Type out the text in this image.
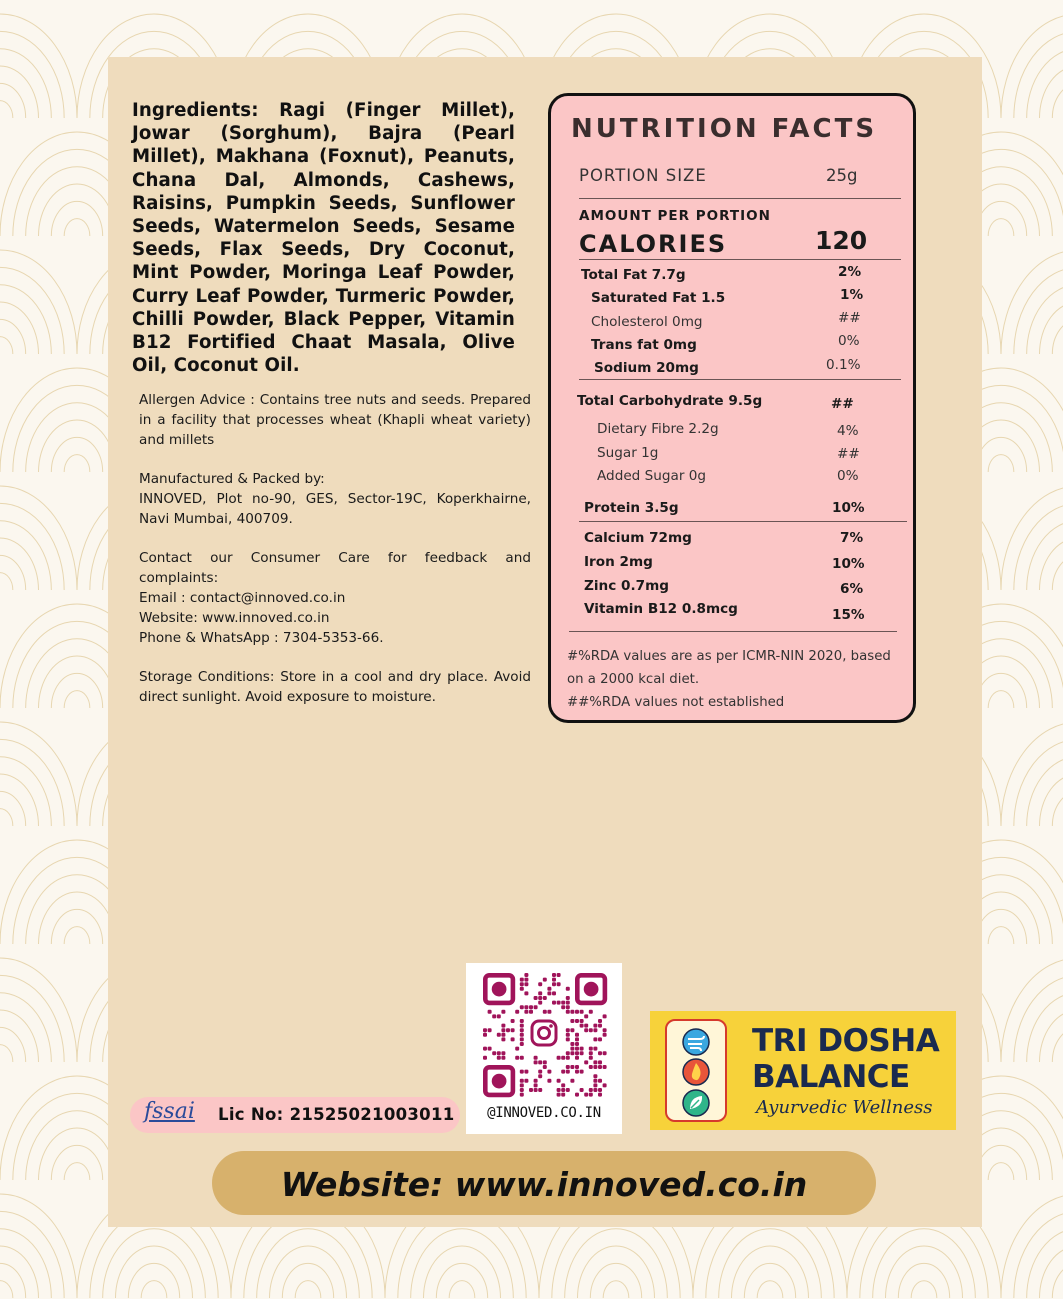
Ingredients: Ragi (Finger Millet), Jowar (Sorghum), Bajra (Pearl Millet), Makhana (Foxnut), Peanuts, Chana Dal, Almonds, Cashews, Raisins, Pumpkin Seeds, Sunflower Seeds, Watermelon Seeds, Sesame Seeds, Flax Seeds, Dry Coconut, Mint Powder, Moringa Leaf Powder, Curry Leaf Powder, Turmeric Powder, Chilli Powder, Black Pepper, Vitamin B12 Fortified Chaat Masala, Olive Oil, Coconut Oil.
Allergen Advice : Contains tree nuts and seeds. Prepared in a facility that processes wheat (Khapli wheat variety) and millets
Manufactured & Packed by:
INNOVED, Plot no-90, GES, Sector-19C, Koperkhairne, Navi Mumbai, 400709.
Contact our Consumer Care for feedback and complaints:
Email : contact@innoved.co.in
Website: www.innoved.co.in
Phone & WhatsApp : 7304-5353-66.
Storage Conditions: Store in a cool and dry place. Avoid direct sunlight. Avoid exposure to moisture.
NUTRITION FACTS
PORTION SIZE	25g
AMOUNT PER PORTION
CALORIES	120
Total Fat 7.7g	2%
Saturated Fat 1.5	1%
Cholesterol 0mg	##
Trans fat 0mg	0%
Sodium 20mg	0.1%
Total Carbohydrate 9.5g	##
Dietary Fibre 2.2g	4%
Sugar 1g	##
Added Sugar 0g	0%
Protein 3.5g	10%
Calcium 72mg	7%
Iron 2mg	10%
Zinc 0.7mg	6%
Vitamin B12 0.8mcg	15%
#%RDA values are as per ICMR-NIN 2020, based
on a 2000 kcal diet.
##%RDA values not established
@INNOVED.CO.IN
fssai Lic No: 21525021003011
TRI DOSHA
BALANCE
Ayurvedic Wellness
Website: www.innoved.co.in
